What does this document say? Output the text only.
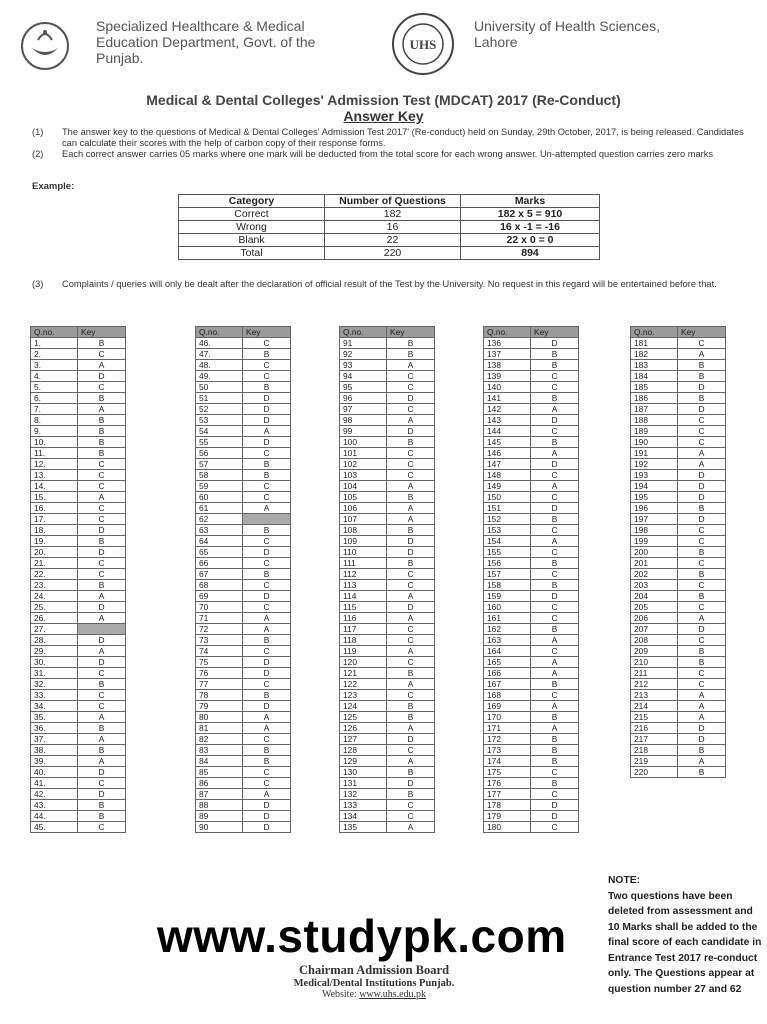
Specialized Healthcare & Medical
Education Department, Govt. of the
Punjab.
UHS
University of Health Sciences,
Lahore
Medical & Dental Colleges' Admission Test (MDCAT) 2017 (Re-Conduct)
Answer Key
(1) The answer key to the questions of Medical & Dental Colleges' Admission Test 2017' (Re-conduct) held on Sunday, 29th October, 2017, is being released. Candidates can calculate their scores with the help of carbon copy of their response forms.
(2) Each correct answer carries 05 marks where one mark will be deducted from the total score for each wrong answer. Un-attempted question carries zero marks
Example:
Category	Number of Questions	Marks
Correct	182	182 x 5 = 910
Wrong	16	16 x -1 = -16
Blank	22	22 x 0 = 0
Total	220	894
(3) Complaints / queries will only be dealt after the declaration of official result of the Test by the University. No request in this regard will be entertained before that.
Q.no.	Key
1.	B
2.	C
3.	A
4.	D
5.	C
6.	B
7.	A
8.	B
9.	B
10.	B
11.	B
12.	C
13.	C
14.	C
15.	A
16.	C
17.	C
18.	D
19.	B
20.	D
21.	C
22.	C
23.	B
24.	A
25.	D
26.	A
27.	
28.	D
29.	A
30.	D
31.	C
32.	B
33.	C
34.	C
35.	A
36.	B
37.	A
38.	B
39.	A
40.	D
41.	C
42.	D
43.	B
44.	B
45.	C
Q.no.	Key
46.	C
47.	B
48.	C
49.	C
50	B
51	D
52	D
53	D
54	A
55	D
56	C
57	B
58	B
59	C
60	C
61	A
62	
63	B
64	C
65	D
66	C
67	B
68	C
69	D
70	C
71	A
72	A
73	B
74	C
75	D
76	D
77	C
78	B
79	D
80	A
81	A
82	C
83	B
84	B
85	C
86	C
87	A
88	D
89	D
90	D
Q.no.	Key
91	B
92	B
93	A
94	C
95	C
96	D
97	C
98	A
99	D
100	B
101	C
102	C
103	C
104	A
105	B
106	A
107	A
108	B
109	D
110	D
111	B
112	C
113	C
114	A
115	D
116	A
117	C
118	C
119	A
120	C
121	B
122	A
123	C
124	B
125	B
126	A
127	D
128	C
129	A
130	B
131	D
132	B
133	C
134	C
135	A
Q.no.	Key
136	D
137	B
138	B
139	C
140	C
141	B
142	A
143	D
144	C
145	B
146	A
147	D
148	C
149	A
150	C
151	D
152	B
153	C
154	A
155	C
156	B
157	C
158	B
159	D
160	C
161	C
162	B
163	A
164	C
165	A
166	A
167	B
168	C
169	A
170	B
171	A
172	B
173	B
174	B
175	C
176	B
177	C
178	D
179	D
180	C
Q.no.	Key
181	C
182	A
183	B
184	B
185	D
186	B
187	D
188	C
189	C
190	C
191	A
192	A
193	D
194	D
195	D
196	B
197	D
198	C
199	C
200	B
201	C
202	B
203	C
204	B
205	C
206	A
207	D
208	C
209	B
210	B
211	C
212	C
213	A
214	A
215	A
216	D
217	D
218	B
219	A
220	B
NOTE:
Two questions have been deleted from assessment and 10 Marks shall be added to the final score of each candidate in Entrance Test 2017 re-conduct only. The Questions appear at question number 27 and 62
Chairman Admission Board
Medical/Dental Institutions Punjab.
Website: www.uhs.edu.pk
www.studypk.com
